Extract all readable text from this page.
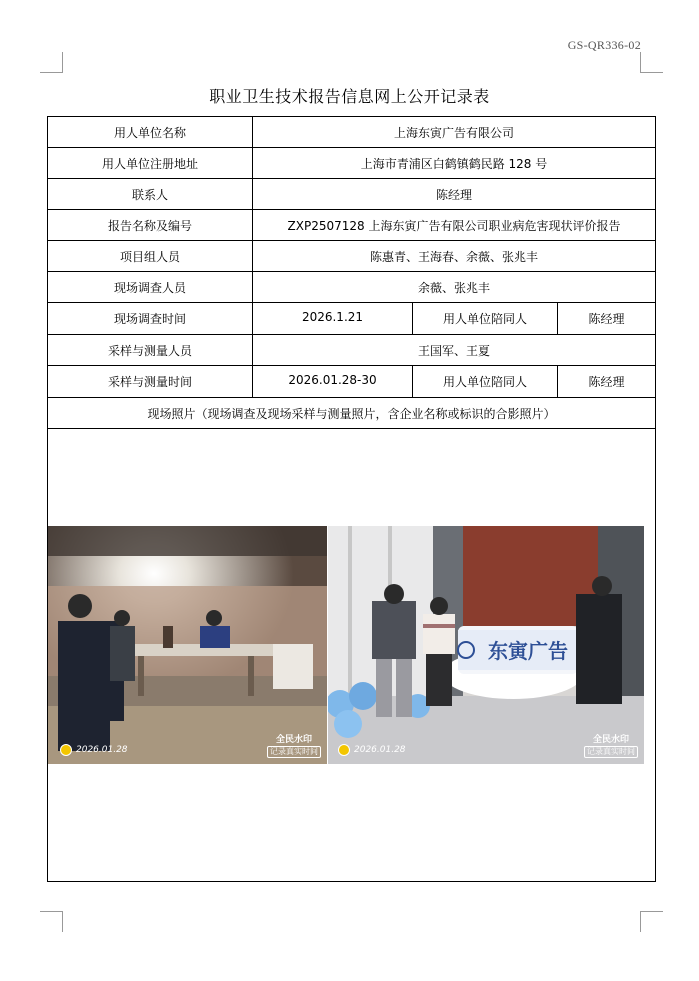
GS-QR336-02
职业卫生技术报告信息网上公开记录表
用人单位名称	上海东寅广告有限公司
用人单位注册地址	上海市青浦区白鹤镇鹤民路 128 号
联系人	陈经理
报告名称及编号	ZXP2507128 上海东寅广告有限公司职业病危害现状评价报告
项目组人员	陈惠青、王海春、余薇、张兆丰
现场调查人员	余薇、张兆丰
现场调查时间	2026.1.21	用人单位陪同人	陈经理
采样与测量人员	王国军、王夏
采样与测量时间	2026.01.28-30	用人单位陪同人	陈经理
现场照片（现场调查及现场采样与测量照片，含企业名称或标识的合影照片）
2026.01.28
全民水印
记录真实时间
东寅广告
2026.01.28
全民水印
记录真实时间
